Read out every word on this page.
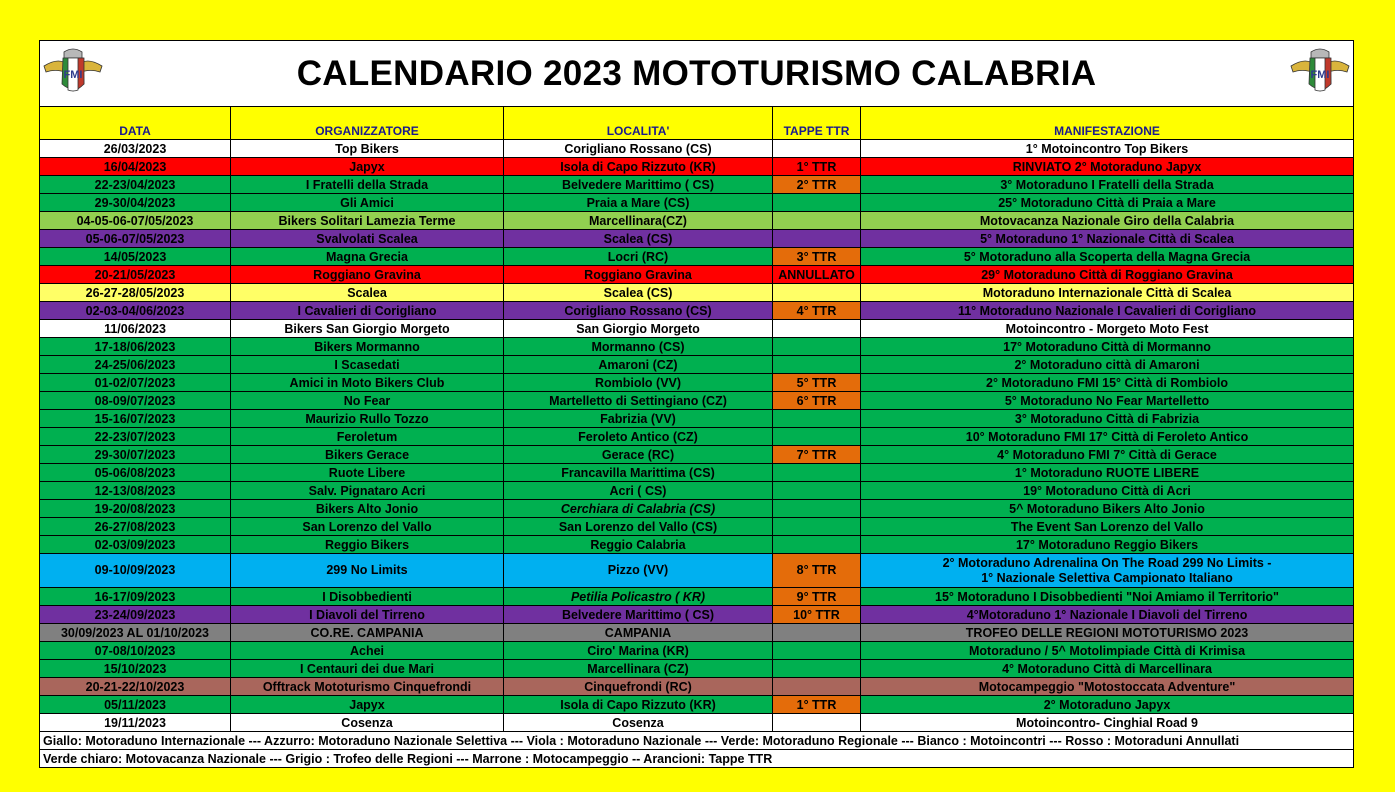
CALENDARIO 2023 MOTOTURISMO CALABRIA				
DATA	ORGANIZZATORE	LOCALITA'	TAPPE TTR	MANIFESTAZIONE
26/03/2023	Top Bikers	Corigliano Rossano (CS)		1° Motoincontro Top Bikers
16/04/2023	Japyx	Isola di Capo Rizzuto (KR)	1° TTR	RINVIATO 2° Motoraduno Japyx
22-23/04/2023	I Fratelli della Strada	Belvedere Marittimo ( CS)	2° TTR	3° Motoraduno I Fratelli della Strada
29-30/04/2023	Gli Amici	Praia a Mare (CS)		25° Motoraduno Città di Praia a Mare
04-05-06-07/05/2023	Bikers Solitari Lamezia Terme	Marcellinara(CZ)		Motovacanza Nazionale Giro della Calabria
05-06-07/05/2023	Svalvolati Scalea	Scalea (CS)		5° Motoraduno 1° Nazionale Città di Scalea
14/05/2023	Magna Grecia	Locri (RC)	3° TTR	5° Motoraduno alla Scoperta della Magna Grecia
20-21/05/2023	Roggiano Gravina	Roggiano Gravina	ANNULLATO	29° Motoraduno Città di Roggiano Gravina
26-27-28/05/2023	Scalea	Scalea (CS)		Motoraduno Internazionale Città di Scalea
02-03-04/06/2023	I Cavalieri di Corigliano	Corigliano Rossano (CS)	4° TTR	11° Motoraduno Nazionale I Cavalieri di Corigliano
11/06/2023	Bikers San Giorgio Morgeto	San Giorgio Morgeto		Motoincontro - Morgeto Moto Fest
17-18/06/2023	Bikers Mormanno	Mormanno (CS)		17° Motoraduno Città di Mormanno
24-25/06/2023	I Scasedati	Amaroni (CZ)		2° Motoraduno città di Amaroni
01-02/07/2023	Amici in Moto Bikers Club	Rombiolo (VV)	5° TTR	2° Motoraduno FMI 15° Città di Rombiolo
08-09/07/2023	No Fear	Martelletto di Settingiano (CZ)	6° TTR	5° Motoraduno No Fear Martelletto
15-16/07/2023	Maurizio Rullo Tozzo	Fabrizia (VV)		3° Motoraduno Città di Fabrizia
22-23/07/2023	Feroletum	Feroleto Antico (CZ)		10° Motoraduno FMI 17° Città di Feroleto Antico
29-30/07/2023	Bikers Gerace	Gerace (RC)	7° TTR	4° Motoraduno FMI 7° Città di Gerace
05-06/08/2023	Ruote Libere	Francavilla Marittima (CS)		1° Motoraduno RUOTE LIBERE
12-13/08/2023	Salv. Pignataro Acri	Acri ( CS)		19° Motoraduno Città di Acri
19-20/08/2023	Bikers Alto Jonio	Cerchiara di Calabria (CS)		5^ Motoraduno Bikers Alto Jonio
26-27/08/2023	San Lorenzo del Vallo	San Lorenzo del Vallo (CS)		The Event San Lorenzo del Vallo
02-03/09/2023	Reggio Bikers	Reggio Calabria		17° Motoraduno Reggio Bikers
09-10/09/2023	299 No Limits	Pizzo (VV)	8° TTR	2° Motoraduno Adrenalina On The Road 299 No Limits -
1° Nazionale Selettiva Campionato Italiano

16-17/09/2023	I Disobbedienti	Petilia Policastro ( KR)	9° TTR	15° Motoraduno I Disobbedienti "Noi Amiamo il Territorio"
23-24/09/2023	I Diavoli del Tirreno	Belvedere Marittimo ( CS)	10° TTR	4°Motoraduno 1° Nazionale I Diavoli del Tirreno
30/09/2023 AL 01/10/2023	CO.RE. CAMPANIA	CAMPANIA		TROFEO DELLE REGIONI MOTOTURISMO 2023
07-08/10/2023	Achei	Ciro' Marina (KR)		Motoraduno / 5^ Motolimpiade Città di Krimisa
15/10/2023	I Centauri dei due Mari	Marcellinara (CZ)		4° Motoraduno Città di Marcellinara
20-21-22/10/2023	Offtrack Mototurismo Cinquefrondi	Cinquefrondi (RC)		Motocampeggio "Motostoccata Adventure"
05/11/2023	Japyx	Isola di Capo Rizzuto (KR)	1° TTR	2° Motoraduno Japyx
19/11/2023	Cosenza	Cosenza		Motoincontro- Cinghial Road 9
Giallo: Motoraduno Internazionale --- Azzurro: Motoraduno Nazionale Selettiva --- Viola : Motoraduno Nazionale --- Verde: Motoraduno Regionale --- Bianco : Motoincontri --- Rosso : Motoraduni Annullati				
Verde chiaro: Motovacanza Nazionale --- Grigio : Trofeo delle Regioni --- Marrone : Motocampeggio -- Arancioni: Tappe TTR				

FMI	FMI
